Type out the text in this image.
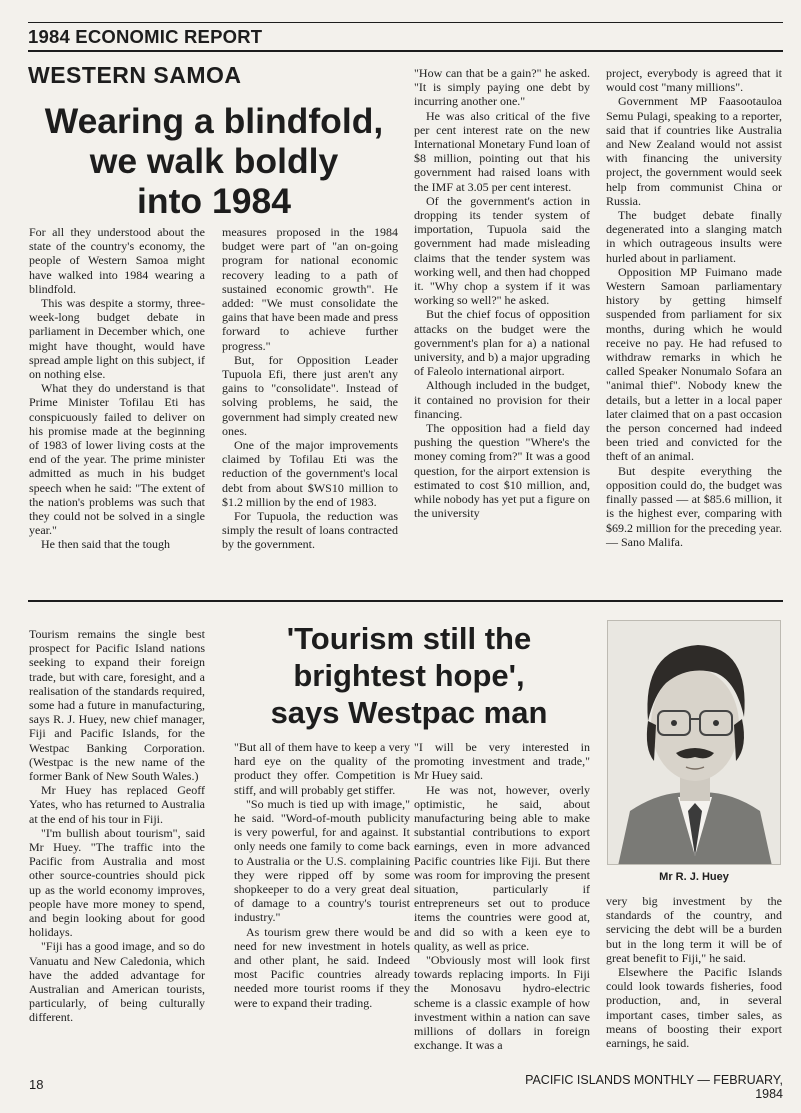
1984 ECONOMIC REPORT
WESTERN SAMOA
Wearing a blindfold,
we walk boldly
into 1984

For all they understood about the state of the country's economy, the people of Western Samoa might have walked into 1984 wearing a blindfold.

This was despite a stormy, three-week-long budget debate in parliament in December which, one might have thought, would have spread ample light on this subject, if on nothing else.

What they do understand is that Prime Minister Tofilau Eti has conspicuously failed to deliver on his promise made at the beginning of 1983 of lower living costs at the end of the year. The prime minister admitted as much in his budget speech when he said: "The extent of the nation's problems was such that they could not be solved in a single year."

He then said that the tough

measures proposed in the 1984 budget were part of "an on-going program for national economic recovery leading to a path of sustained economic growth". He added: "We must consolidate the gains that have been made and press forward to achieve further progress."

But, for Opposition Leader Tupuola Efi, there just aren't any gains to "consolidate". Instead of solving problems, he said, the government had simply created new ones.

One of the major improvements claimed by Tofilau Eti was the reduction of the government's local debt from about $WS10 million to $1.2 million by the end of 1983.

For Tupuola, the reduction was simply the result of loans contracted by the government.

"How can that be a gain?" he asked. "It is simply paying one debt by incurring another one."

He was also critical of the five per cent interest rate on the new International Monetary Fund loan of $8 million, pointing out that his government had raised loans with the IMF at 3.05 per cent interest.

Of the government's action in dropping its tender system of importation, Tupuola said the government had made misleading claims that the tender system was working well, and then had chopped it. "Why chop a system if it was working so well?" he asked.

But the chief focus of opposition attacks on the budget were the government's plan for a) a national university, and b) a major upgrading of Faleolo international airport.

Although included in the budget, it contained no provision for their financing.

The opposition had a field day pushing the question "Where's the money coming from?" It was a good question, for the airport extension is estimated to cost $10 million, and, while nobody has yet put a figure on the university

project, everybody is agreed that it would cost "many millions".

Government MP Faasootauloa Semu Pulagi, speaking to a reporter, said that if countries like Australia and New Zealand would not assist with financing the university project, the government would seek help from communist China or Russia.

The budget debate finally degenerated into a slanging match in which outrageous insults were hurled about in parliament.

Opposition MP Fuimano made Western Samoan parliamentary history by getting himself suspended from parliament for six months, during which he would receive no pay. He had refused to withdraw remarks in which he called Speaker Nonumalo Sofara an "animal thief". Nobody knew the details, but a letter in a local paper later claimed that on a past occasion the person concerned had indeed been tried and convicted for the theft of an animal.

But despite everything the opposition could do, the budget was finally passed — at $85.6 million, it is the highest ever, comparing with $69.2 million for the preceding year. — Sano Malifa.

'Tourism still the
brightest hope',
says Westpac man

Tourism remains the single best prospect for Pacific Island nations seeking to expand their foreign trade, but with care, foresight, and a realisation of the standards required, some had a future in manufacturing, says R. J. Huey, new chief manager, Fiji and Pacific Islands, for the Westpac Banking Corporation. (Westpac is the new name of the former Bank of New South Wales.)

Mr Huey has replaced Geoff Yates, who has returned to Australia at the end of his tour in Fiji.

"I'm bullish about tourism", said Mr Huey. "The traffic into the Pacific from Australia and most other source-countries should pick up as the world economy improves, people have more money to spend, and begin looking about for good holidays.

"Fiji has a good image, and so do Vanuatu and New Caledonia, which have the added advantage for Australian and American tourists, particularly, of being culturally different.

"But all of them have to keep a very hard eye on the quality of the product they offer. Competition is stiff, and will probably get stiffer.

"So much is tied up with image," he said. "Word-of-mouth publicity is very powerful, for and against. It only needs one family to come back to Australia or the U.S. complaining they were ripped off by some shopkeeper to do a very great deal of damage to a country's tourist industry."

As tourism grew there would be need for new investment in hotels and other plant, he said. Indeed most Pacific countries already needed more tourist rooms if they were to expand their trading.

"I will be very interested in promoting investment and trade," Mr Huey said.

He was not, however, overly optimistic, he said, about manufacturing being able to make substantial contributions to export earnings, even in more advanced Pacific countries like Fiji. But there was room for improving the present situation, particularly if entrepreneurs set out to produce items the countries were good at, and did so with a keen eye to quality, as well as price.

"Obviously most will look first towards replacing imports. In Fiji the Monosavu hydro-electric scheme is a classic example of how investment within a nation can save millions of dollars in foreign exchange. It was a

Mr R. J. Huey

very big investment by the standards of the country, and servicing the debt will be a burden but in the long term it will be of great benefit to Fiji," he said.

Elsewhere the Pacific Islands could look towards fisheries, food production, and, in several important cases, timber sales, as means of boosting their export earnings, he said.

18	PACIFIC ISLANDS MONTHLY — FEBRUARY, 1984
